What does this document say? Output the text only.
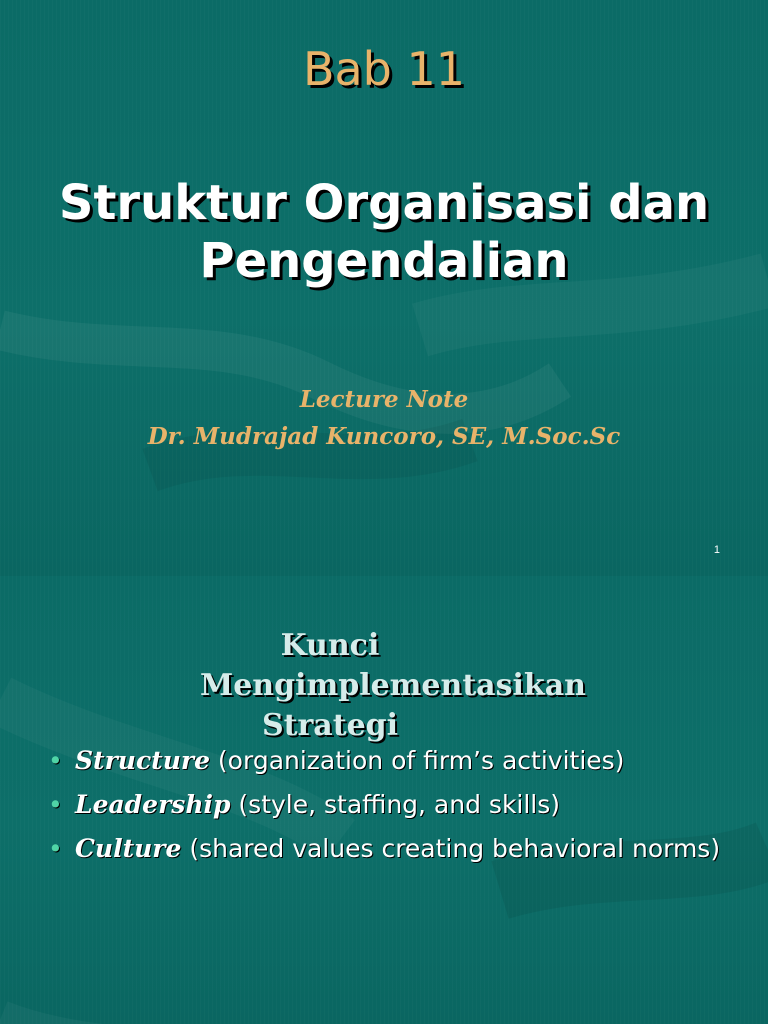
Bab 11
Struktur Organisasi dan
Pengendalian

Lecture Note

Dr. Mudrajad Kuncoro, SE, M.Soc.Sc

1
Kunci
Mengimplementasikan
Strategi
• Structure (organization of firm’s activities)
• Leadership (style, staffing, and skills)
• Culture (shared values creating behavioral norms)
